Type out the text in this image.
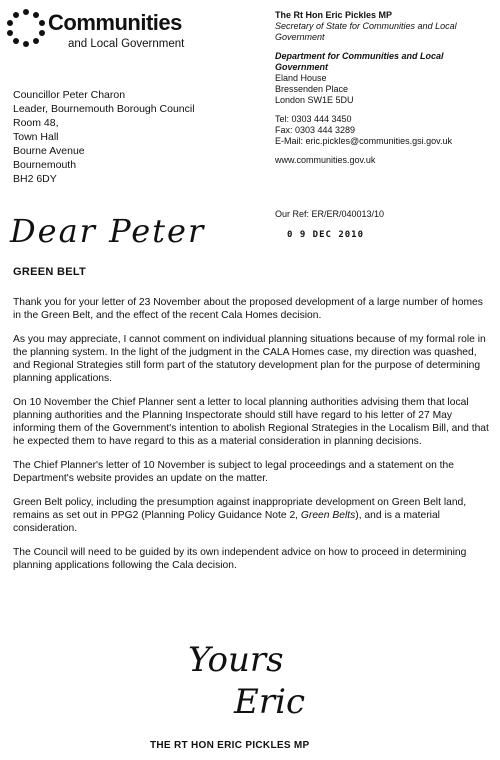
Communities
and Local Government
The Rt Hon Eric Pickles MP
Secretary of State for Communities and Local
Government
Department for Communities and Local
Government
Eland House
Bressenden Place
London SW1E 5DU
Tel: 0303 444 3450
Fax: 0303 444 3289
E-Mail: eric.pickles@communities.gsi.gov.uk
www.communities.gov.uk
Councillor Peter Charon
Leader, Bournemouth Borough Council
Room 48,
Town Hall
Bourne Avenue
Bournemouth
BH2 6DY
Our Ref: ER/ER/040013/10
0 9 DEC 2010
Dear Peter
GREEN BELT

Thank you for your letter of 23 November about the proposed development of a large number of homes in the Green Belt, and the effect of the recent Cala Homes decision.

As you may appreciate, I cannot comment on individual planning situations because of my formal role in the planning system. In the light of the judgment in the CALA Homes case, my direction was quashed, and Regional Strategies still form part of the statutory development plan for the purpose of determining planning applications.

On 10 November the Chief Planner sent a letter to local planning authorities advising them that local planning authorities and the Planning Inspectorate should still have regard to his letter of 27 May informing them of the Government's intention to abolish Regional Strategies in the Localism Bill, and that he expected them to have regard to this as a material consideration in planning decisions.

The Chief Planner's letter of 10 November is subject to legal proceedings and a statement on the Department's website provides an update on the matter.

Green Belt policy, including the presumption against inappropriate development on Green Belt land, remains as set out in PPG2 (Planning Policy Guidance Note 2, Green Belts), and is a material consideration.

The Council will need to be guided by its own independent advice on how to proceed in determining planning applications following the Cala decision.

Yours
Eric
THE RT HON ERIC PICKLES MP
